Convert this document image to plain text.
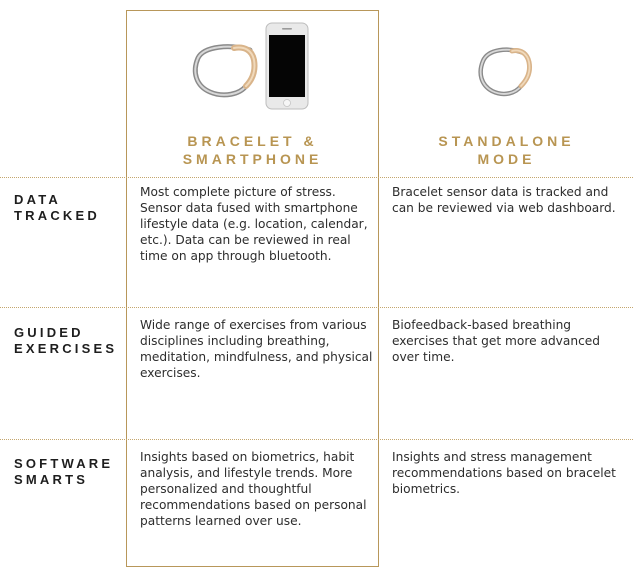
BRACELET &
SMARTPHONE
STANDALONE
MODE
DATA
TRACKED
Most complete picture of stress. Sensor data fused with smartphone lifestyle data (e.g. location, calendar, etc.). Data can be reviewed in real time on app through bluetooth.
Bracelet sensor data is tracked and can be reviewed via web dashboard.
GUIDED
EXERCISES
Wide range of exercises from various disciplines including breathing, meditation, mindfulness, and physical exercises.
Biofeedback-based breathing exercises that get more advanced over time.
SOFTWARE
SMARTS
Insights based on biometrics, habit analysis, and lifestyle trends. More personalized and thoughtful recommendations based on personal patterns learned over use.
Insights and stress management recommendations based on bracelet biometrics.
